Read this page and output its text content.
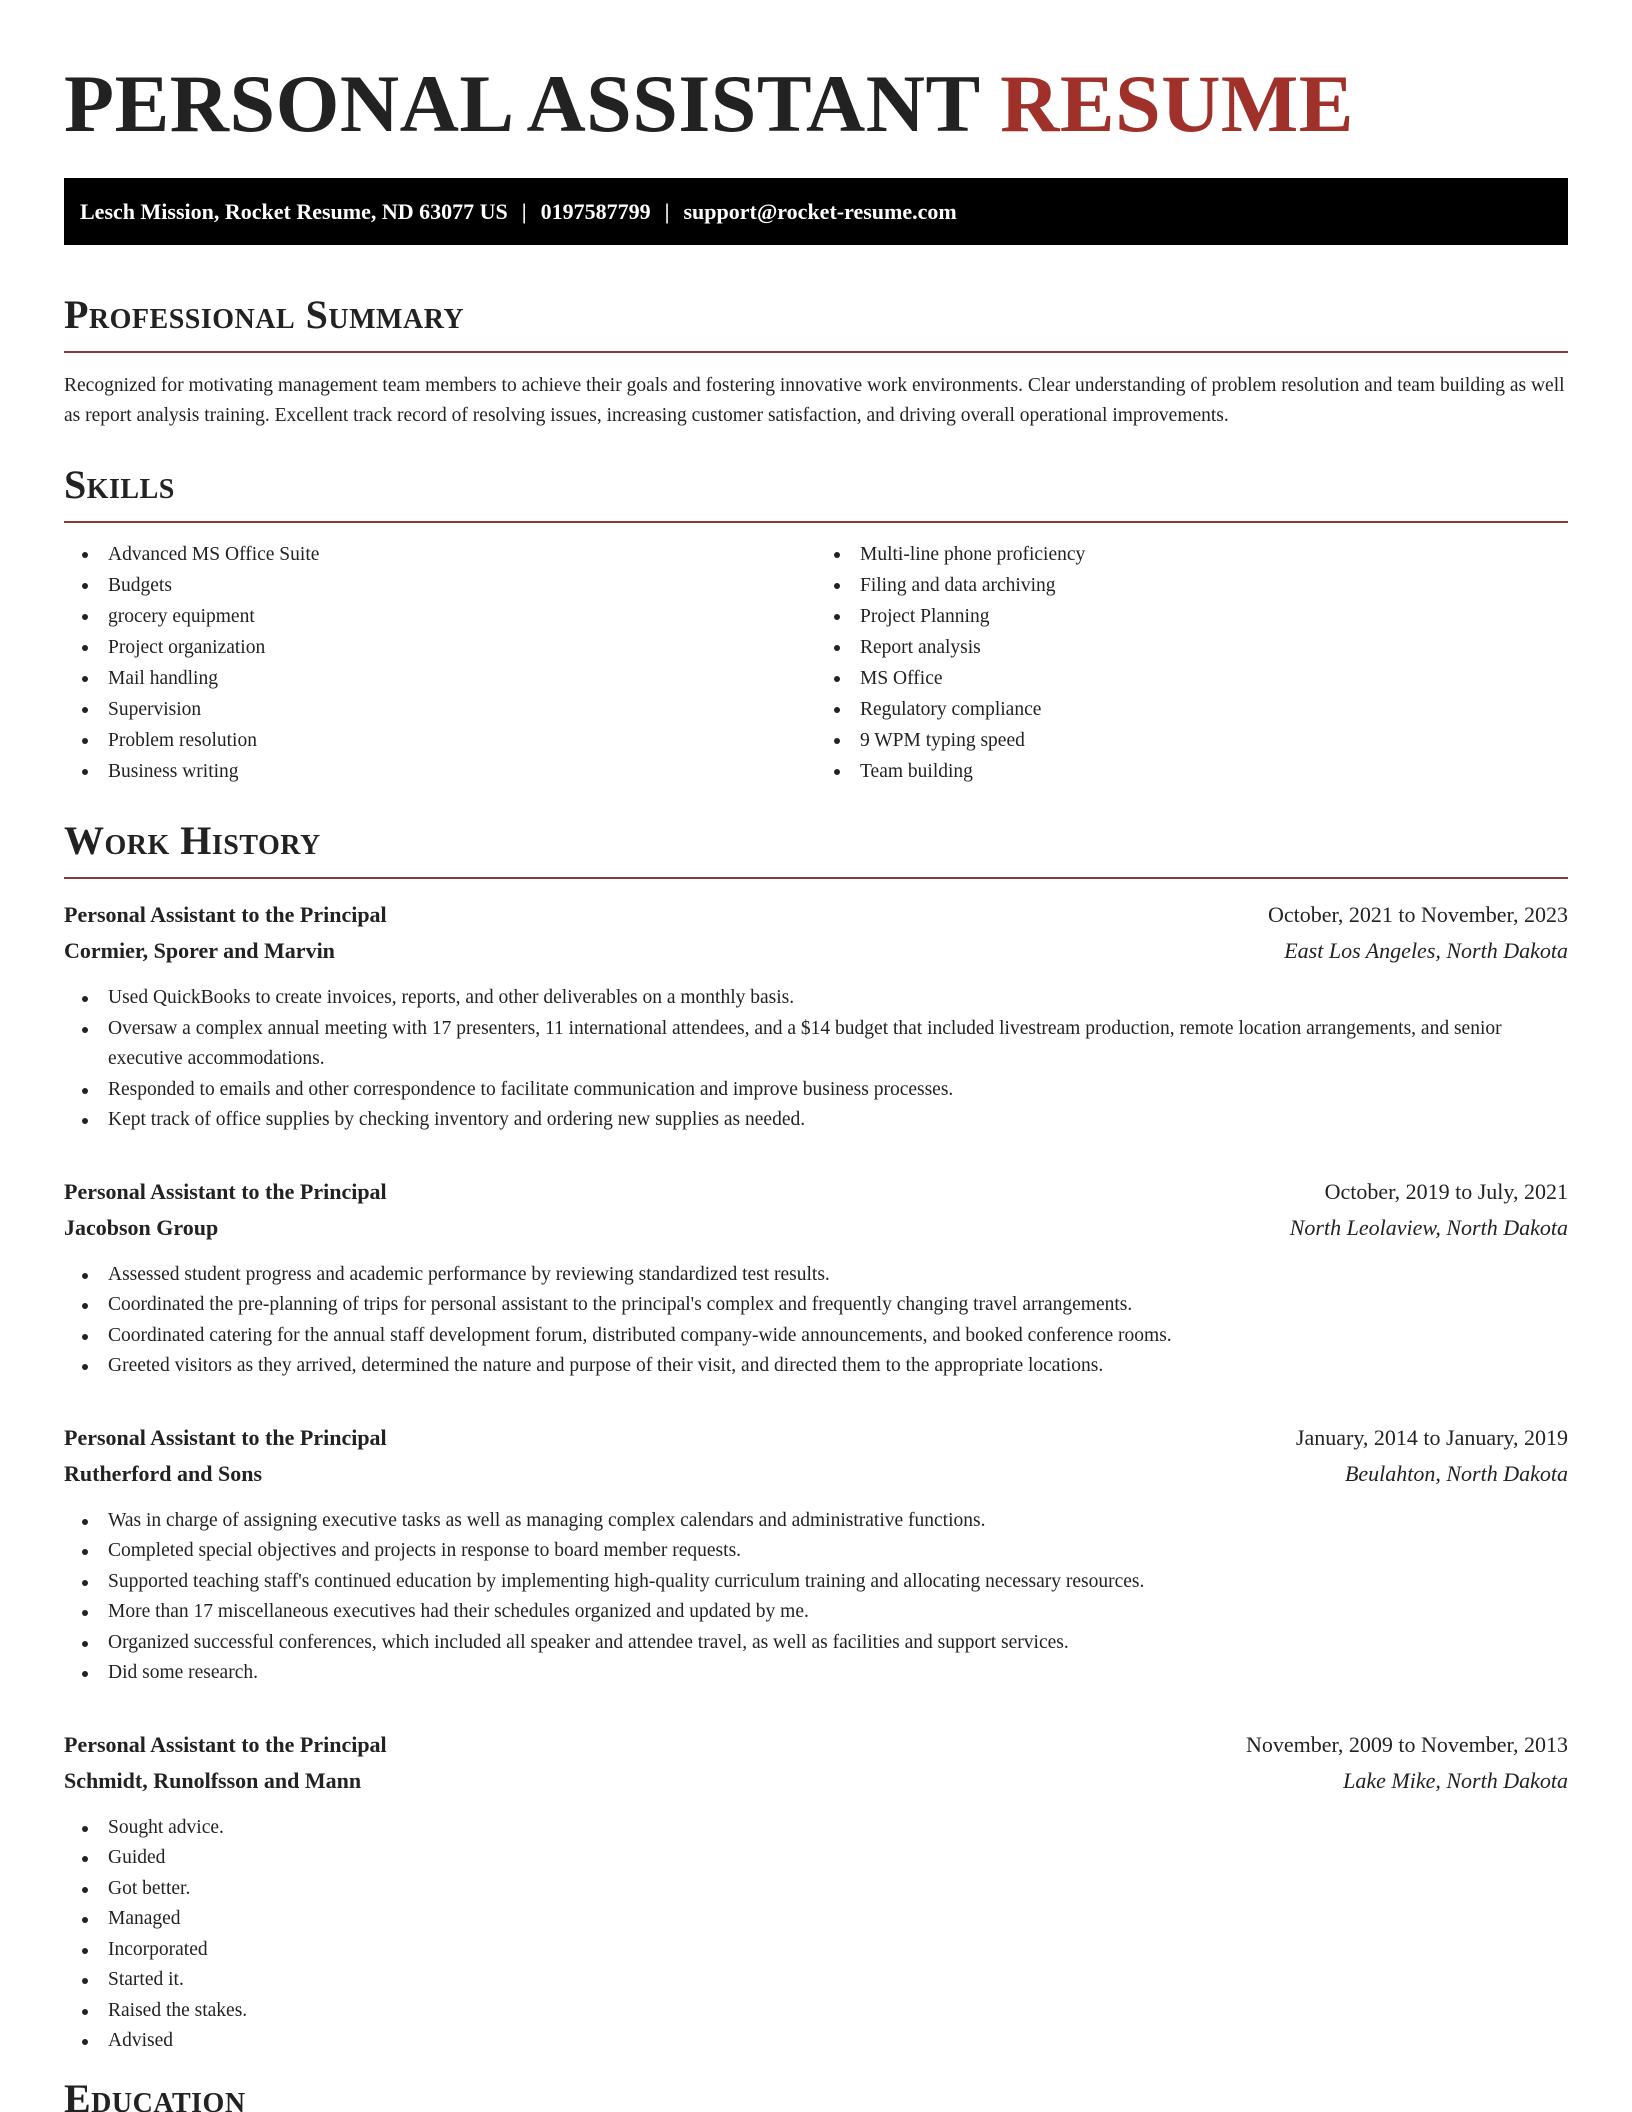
PERSONAL ASSISTANT RESUME
Lesch Mission, Rocket Resume, ND 63077 US | 0197587799 | support@rocket-resume.com
Professional Summary

Recognized for motivating management team members to achieve their goals and fostering innovative work environments. Clear understanding of problem resolution and team building as well as report analysis training. Excellent track record of resolving issues, increasing customer satisfaction, and driving overall operational improvements.

Skills
Advanced MS Office Suite
Budgets
grocery equipment
Project organization
Mail handling
Supervision
Problem resolution
Business writing
Multi-line phone proficiency
Filing and data archiving
Project Planning
Report analysis
MS Office
Regulatory compliance
9 WPM typing speed
Team building
Work History
Personal Assistant to the Principal	October, 2021 to November, 2023
Cormier, Sporer and Marvin	East Los Angeles, North Dakota
Used QuickBooks to create invoices, reports, and other deliverables on a monthly basis.
Oversaw a complex annual meeting with 17 presenters, 11 international attendees, and a $14 budget that included livestream production, remote location arrangements, and senior executive accommodations.
Responded to emails and other correspondence to facilitate communication and improve business processes.
Kept track of office supplies by checking inventory and ordering new supplies as needed.
Personal Assistant to the Principal	October, 2019 to July, 2021
Jacobson Group	North Leolaview, North Dakota
Assessed student progress and academic performance by reviewing standardized test results.
Coordinated the pre-planning of trips for personal assistant to the principal's complex and frequently changing travel arrangements.
Coordinated catering for the annual staff development forum, distributed company-wide announcements, and booked conference rooms.
Greeted visitors as they arrived, determined the nature and purpose of their visit, and directed them to the appropriate locations.
Personal Assistant to the Principal	January, 2014 to January, 2019
Rutherford and Sons	Beulahton, North Dakota
Was in charge of assigning executive tasks as well as managing complex calendars and administrative functions.
Completed special objectives and projects in response to board member requests.
Supported teaching staff's continued education by implementing high-quality curriculum training and allocating necessary resources.
More than 17 miscellaneous executives had their schedules organized and updated by me.
Organized successful conferences, which included all speaker and attendee travel, as well as facilities and support services.
Did some research.
Personal Assistant to the Principal	November, 2009 to November, 2013
Schmidt, Runolfsson and Mann	Lake Mike, North Dakota
Sought advice.
Guided
Got better.
Managed
Incorporated
Started it.
Raised the stakes.
Advised
Education
